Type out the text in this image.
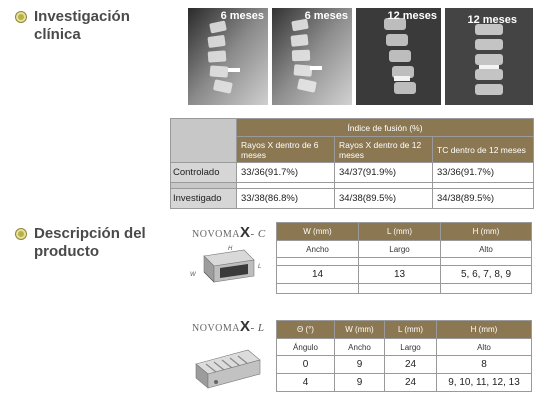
Investigación
clínica
6 meses	6 meses	12 meses	12 meses
	Índice de fusión (%)		
	Rayos X dentro de 6 meses	Rayos X dentro de 12 meses	TC dentro de 12 meses
Controlado	33/36(91.7%)	34/37(91.9%)	33/36(91.7%)

Investigado	33/38(86.8%)	34/38(89.5%)	34/38(89.5%)
Descripción del
producto
NOVOMAX- C
W
H
L
W (mm)	L (mm)	H (mm)
Ancho	Largo	Alto

14	13	5, 6, 7, 8, 9

NOVOMAX- L	Θ (°)	W (mm)	L (mm)	H (mm)
Ángulo	Ancho	Largo	Alto
0	9	24	8
4	9	24	9, 10, 11, 12, 13
